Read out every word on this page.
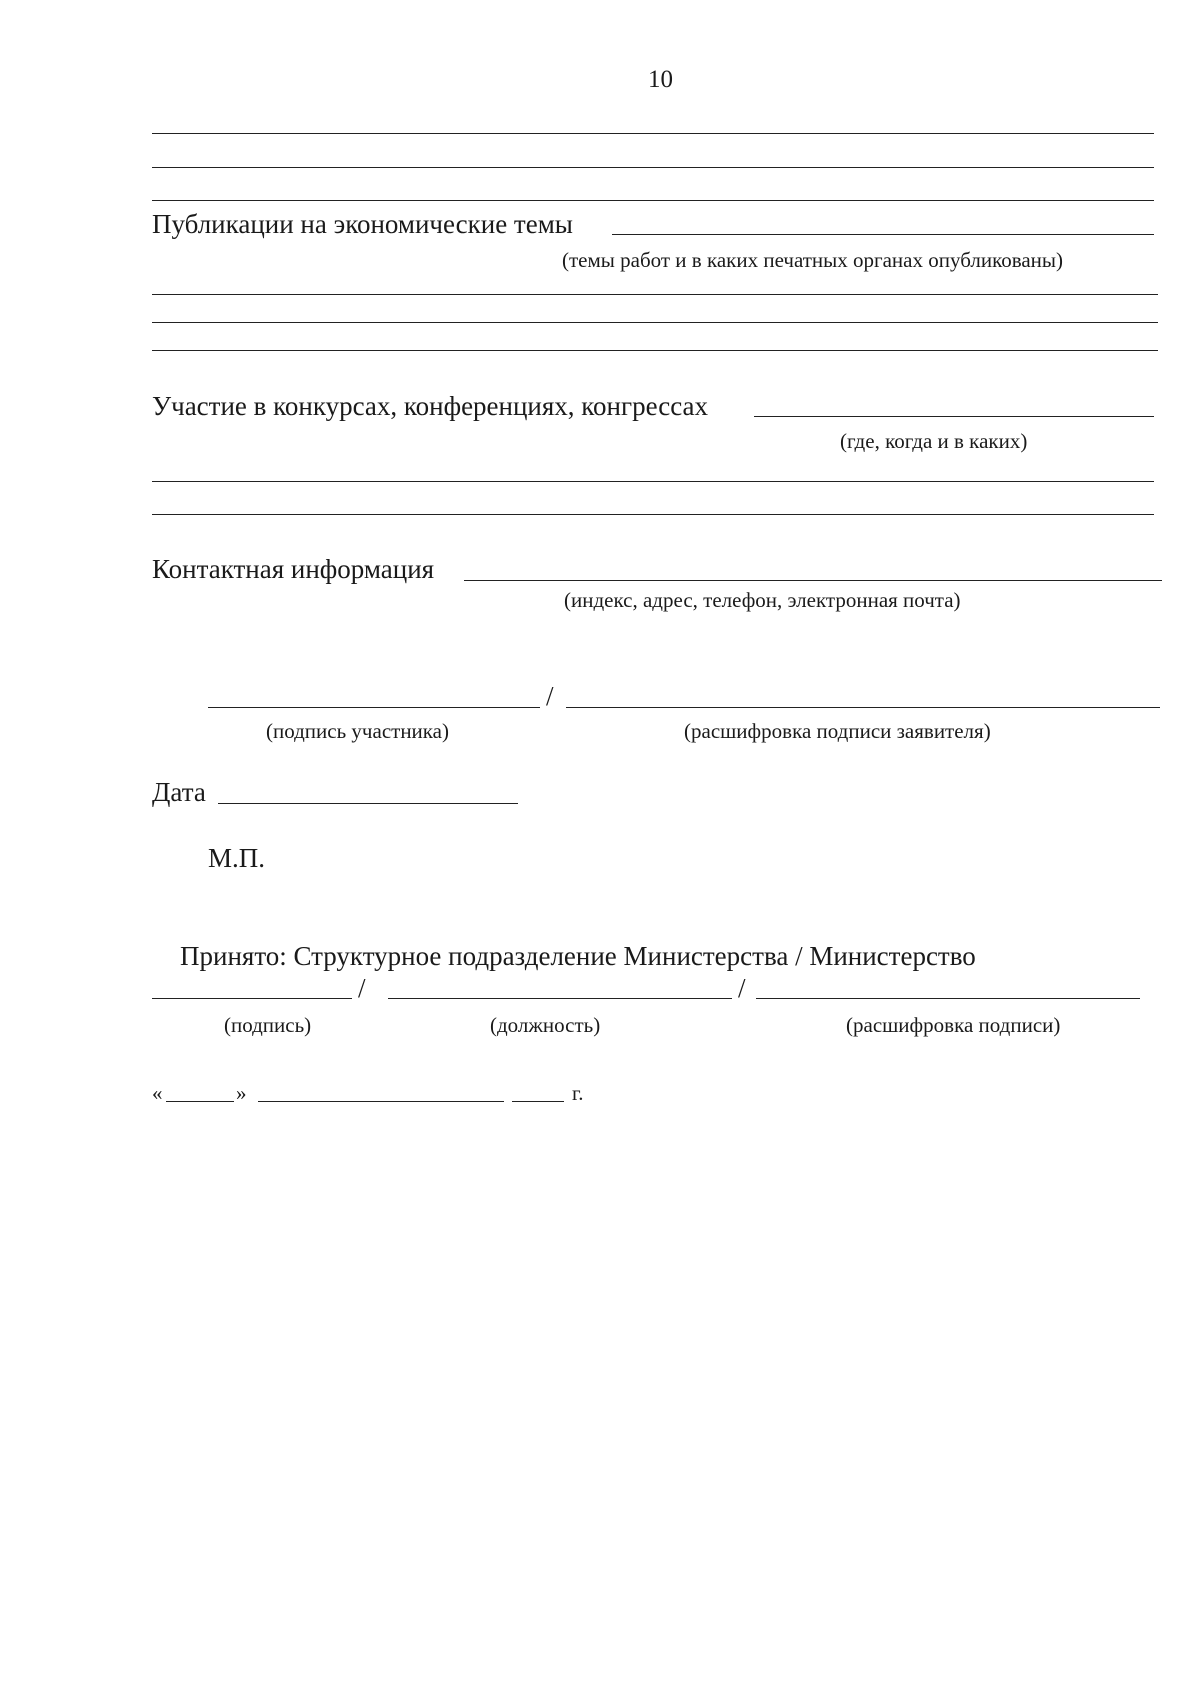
10
Публикации на экономические темы
(темы работ и в каких печатных органах опубликованы)
Участие в конкурсах, конференциях, конгрессах
(где, когда и в каких)
Контактная информация
(индекс, адрес, телефон, электронная почта)
/
(подпись участника)	(расшифровка подписи заявителя)
Дата
М.П.
Принято: Структурное подразделение Министерства / Министерство
/	/
(подпись)	(должность)	(расшифровка подписи)
«	»	г.
